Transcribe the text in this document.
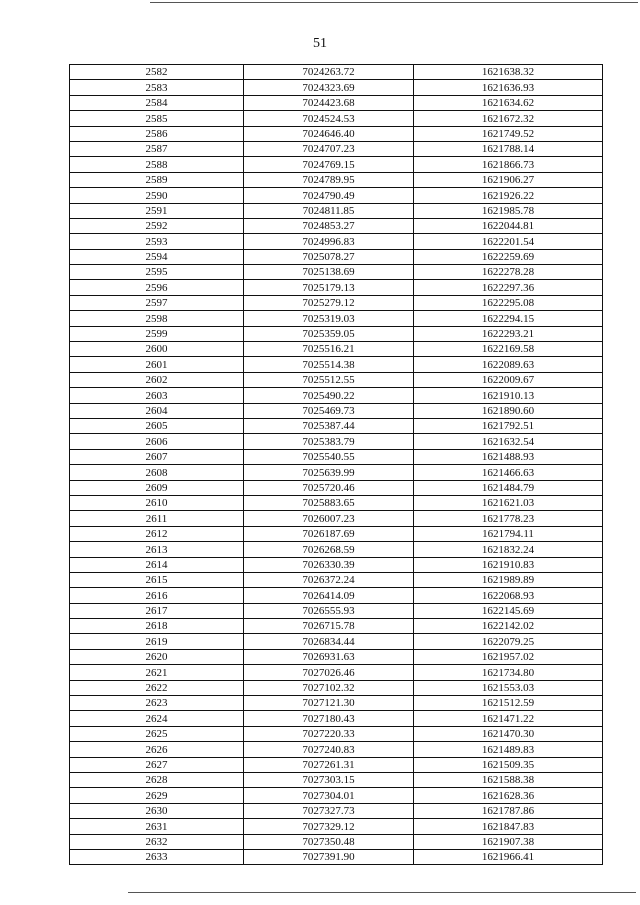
51
2582	7024263.72	1621638.32
2583	7024323.69	1621636.93
2584	7024423.68	1621634.62
2585	7024524.53	1621672.32
2586	7024646.40	1621749.52
2587	7024707.23	1621788.14
2588	7024769.15	1621866.73
2589	7024789.95	1621906.27
2590	7024790.49	1621926.22
2591	7024811.85	1621985.78
2592	7024853.27	1622044.81
2593	7024996.83	1622201.54
2594	7025078.27	1622259.69
2595	7025138.69	1622278.28
2596	7025179.13	1622297.36
2597	7025279.12	1622295.08
2598	7025319.03	1622294.15
2599	7025359.05	1622293.21
2600	7025516.21	1622169.58
2601	7025514.38	1622089.63
2602	7025512.55	1622009.67
2603	7025490.22	1621910.13
2604	7025469.73	1621890.60
2605	7025387.44	1621792.51
2606	7025383.79	1621632.54
2607	7025540.55	1621488.93
2608	7025639.99	1621466.63
2609	7025720.46	1621484.79
2610	7025883.65	1621621.03
2611	7026007.23	1621778.23
2612	7026187.69	1621794.11
2613	7026268.59	1621832.24
2614	7026330.39	1621910.83
2615	7026372.24	1621989.89
2616	7026414.09	1622068.93
2617	7026555.93	1622145.69
2618	7026715.78	1622142.02
2619	7026834.44	1622079.25
2620	7026931.63	1621957.02
2621	7027026.46	1621734.80
2622	7027102.32	1621553.03
2623	7027121.30	1621512.59
2624	7027180.43	1621471.22
2625	7027220.33	1621470.30
2626	7027240.83	1621489.83
2627	7027261.31	1621509.35
2628	7027303.15	1621588.38
2629	7027304.01	1621628.36
2630	7027327.73	1621787.86
2631	7027329.12	1621847.83
2632	7027350.48	1621907.38
2633	7027391.90	1621966.41
